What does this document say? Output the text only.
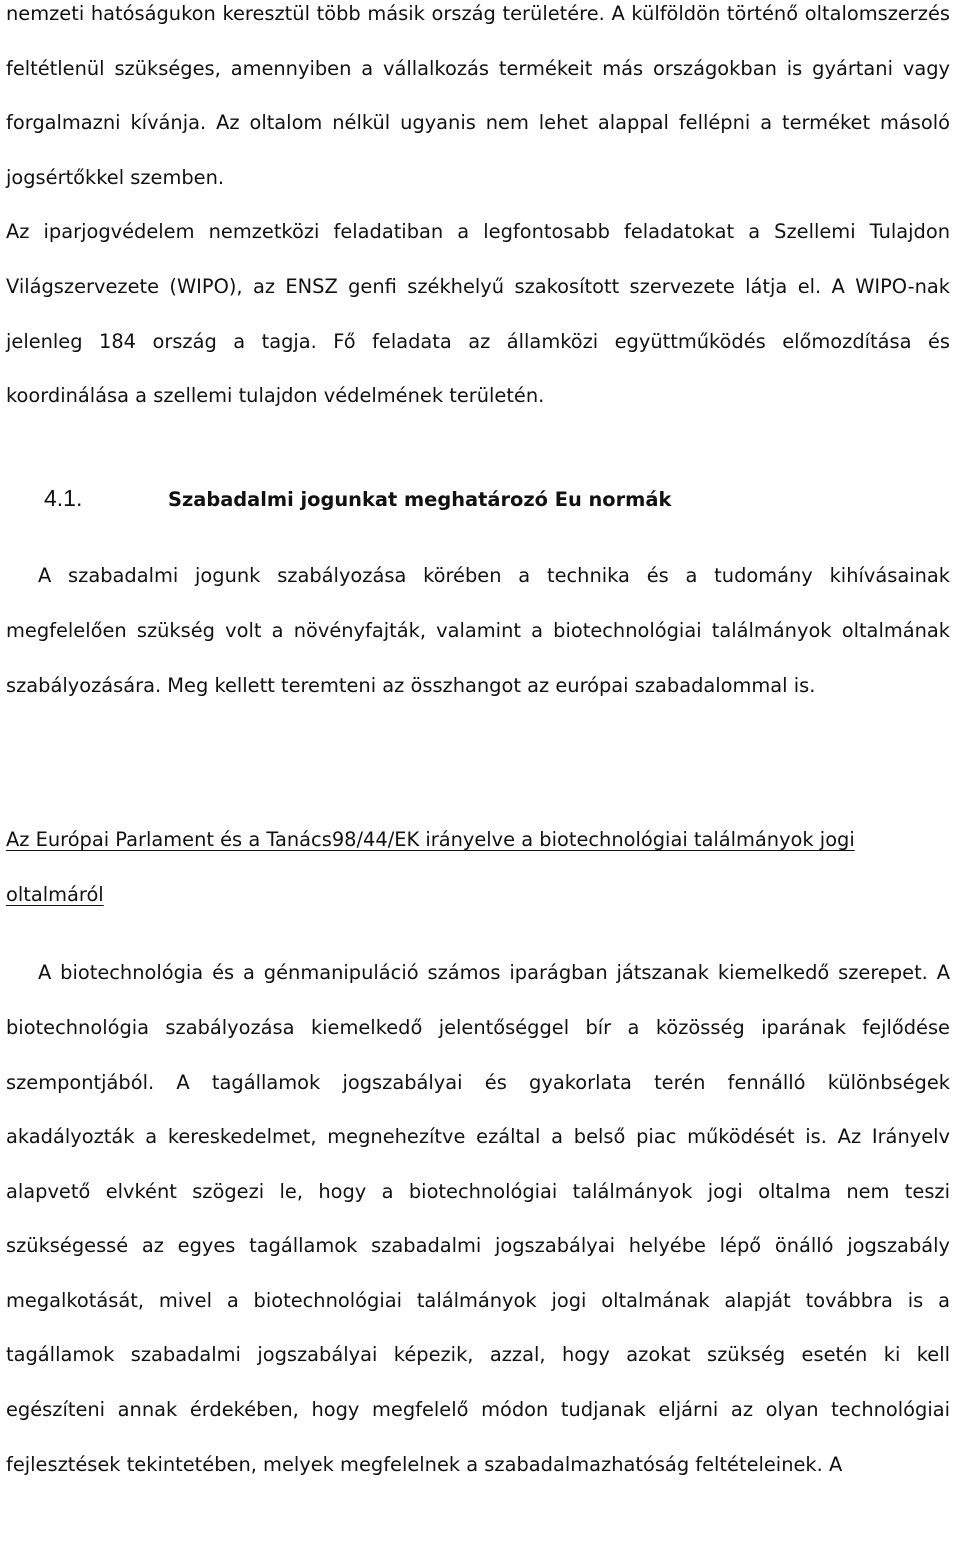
nemzeti hatóságukon keresztül több másik ország területére. A külföldön történő oltalomszerzés feltétlenül szükséges, amennyiben a vállalkozás termékeit más országokban is gyártani vagy forgalmazni kívánja. Az oltalom nélkül ugyanis nem lehet alappal fellépni a terméket másoló jogsértőkkel szemben.

Az iparjogvédelem nemzetközi feladatiban a legfontosabb feladatokat a Szellemi Tulajdon Világszervezete (WIPO), az ENSZ genfi székhelyű szakosított szervezete látja el. A WIPO-nak jelenleg 184 ország a tagja. Fő feladata az államközi együttműködés előmozdítása és koordinálása a szellemi tulajdon védelmének területén.

4.1.	Szabadalmi jogunkat meghatározó Eu normák

A szabadalmi jogunk szabályozása körében a technika és a tudomány kihívásainak megfelelően szükség volt a növényfajták, valamint a biotechnológiai találmányok oltalmának szabályozására. Meg kellett teremteni az összhangot az európai szabadalommal is.

Az Európai Parlament és a Tanács98/44/EK irányelve a biotechnológiai találmányok jogi oltalmáról

A biotechnológia és a génmanipuláció számos iparágban játszanak kiemelkedő szerepet. A biotechnológia szabályozása kiemelkedő jelentőséggel bír a közösség iparának fejlődése szempontjából. A tagállamok jogszabályai és gyakorlata terén fennálló különbségek akadályozták a kereskedelmet, megnehezítve ezáltal a belső piac működését is. Az Irányelv alapvető elvként szögezi le, hogy a biotechnológiai találmányok jogi oltalma nem teszi szükségessé az egyes tagállamok szabadalmi jogszabályai helyébe lépő önálló jogszabály megalkotását, mivel a biotechnológiai találmányok jogi oltalmának alapját továbbra is a tagállamok szabadalmi jogszabályai képezik, azzal, hogy azokat szükség esetén ki kell egészíteni annak érdekében, hogy megfelelő módon tudjanak eljárni az olyan technológiai fejlesztések tekintetében, melyek megfelelnek a szabadalmazhatóság feltételeinek. A
